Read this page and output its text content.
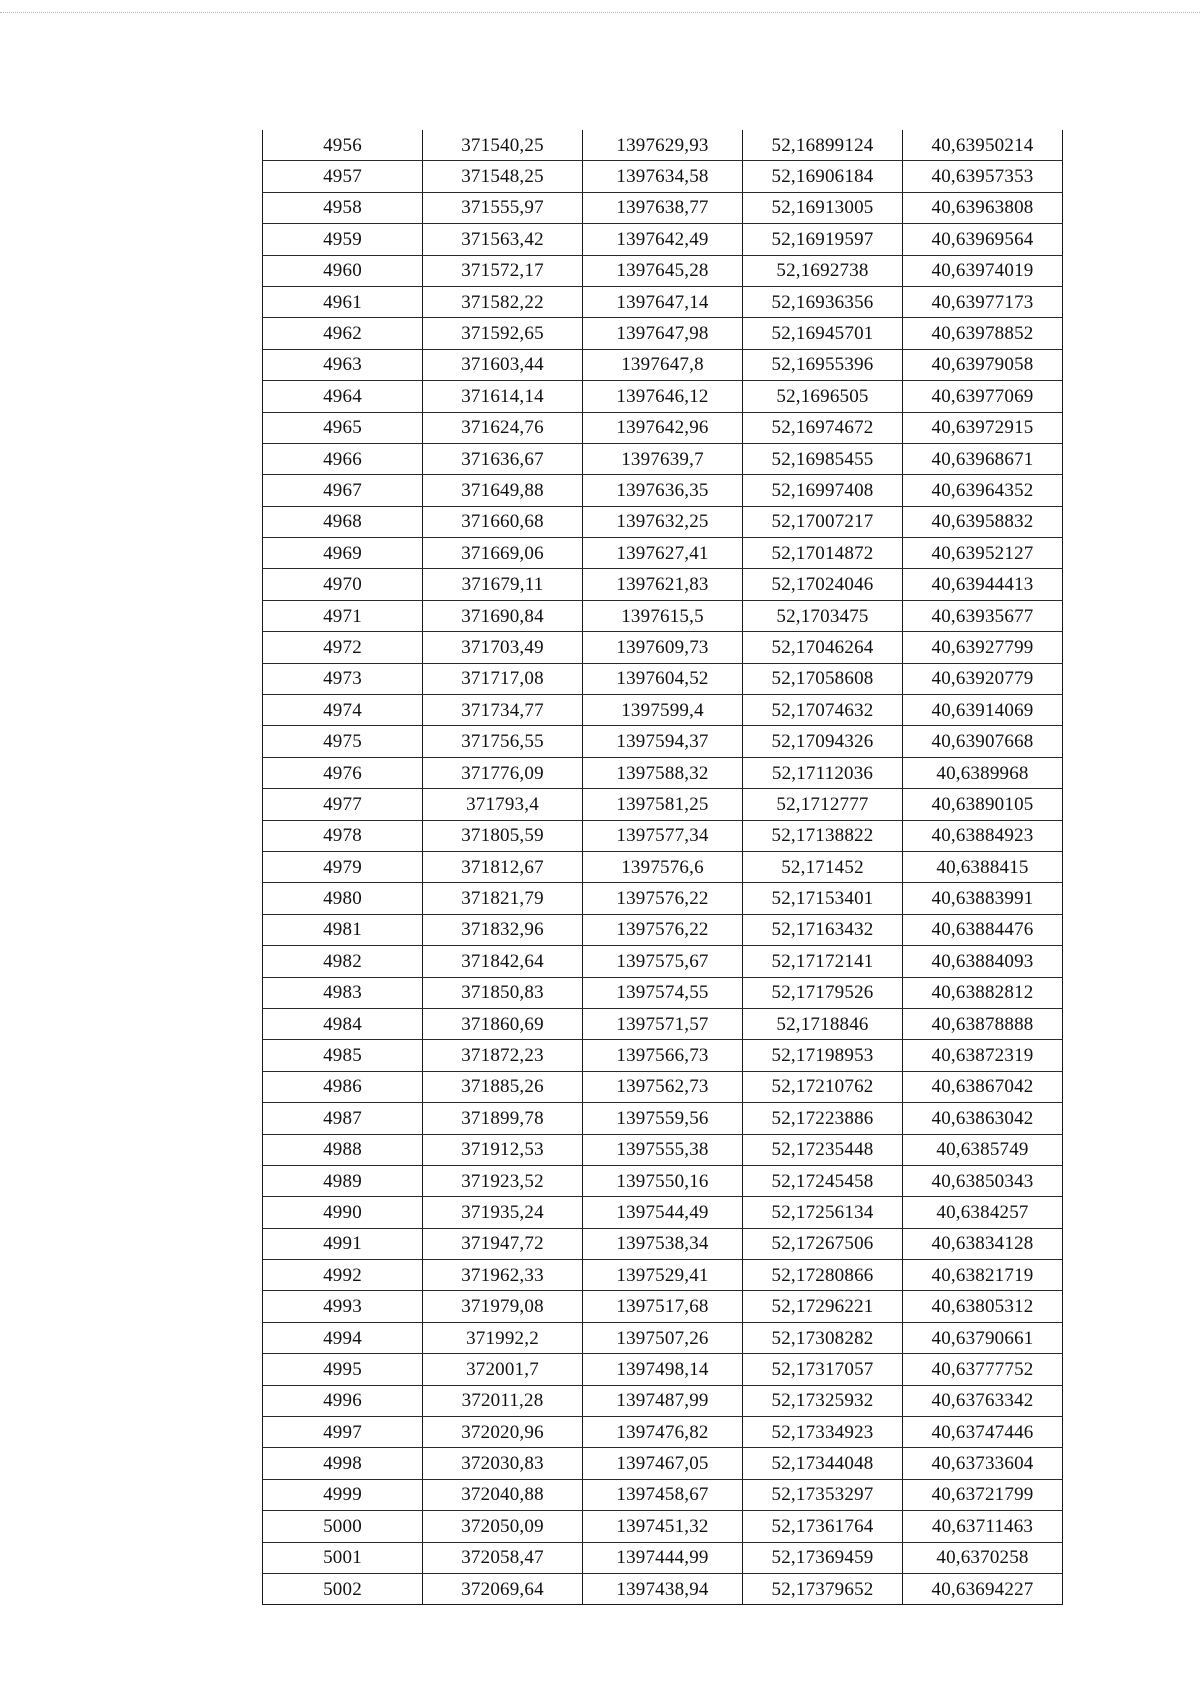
4956	371540,25	1397629,93	52,16899124	40,63950214
4957	371548,25	1397634,58	52,16906184	40,63957353
4958	371555,97	1397638,77	52,16913005	40,63963808
4959	371563,42	1397642,49	52,16919597	40,63969564
4960	371572,17	1397645,28	52,1692738	40,63974019
4961	371582,22	1397647,14	52,16936356	40,63977173
4962	371592,65	1397647,98	52,16945701	40,63978852
4963	371603,44	1397647,8	52,16955396	40,63979058
4964	371614,14	1397646,12	52,1696505	40,63977069
4965	371624,76	1397642,96	52,16974672	40,63972915
4966	371636,67	1397639,7	52,16985455	40,63968671
4967	371649,88	1397636,35	52,16997408	40,63964352
4968	371660,68	1397632,25	52,17007217	40,63958832
4969	371669,06	1397627,41	52,17014872	40,63952127
4970	371679,11	1397621,83	52,17024046	40,63944413
4971	371690,84	1397615,5	52,1703475	40,63935677
4972	371703,49	1397609,73	52,17046264	40,63927799
4973	371717,08	1397604,52	52,17058608	40,63920779
4974	371734,77	1397599,4	52,17074632	40,63914069
4975	371756,55	1397594,37	52,17094326	40,63907668
4976	371776,09	1397588,32	52,17112036	40,6389968
4977	371793,4	1397581,25	52,1712777	40,63890105
4978	371805,59	1397577,34	52,17138822	40,63884923
4979	371812,67	1397576,6	52,171452	40,6388415
4980	371821,79	1397576,22	52,17153401	40,63883991
4981	371832,96	1397576,22	52,17163432	40,63884476
4982	371842,64	1397575,67	52,17172141	40,63884093
4983	371850,83	1397574,55	52,17179526	40,63882812
4984	371860,69	1397571,57	52,1718846	40,63878888
4985	371872,23	1397566,73	52,17198953	40,63872319
4986	371885,26	1397562,73	52,17210762	40,63867042
4987	371899,78	1397559,56	52,17223886	40,63863042
4988	371912,53	1397555,38	52,17235448	40,6385749
4989	371923,52	1397550,16	52,17245458	40,63850343
4990	371935,24	1397544,49	52,17256134	40,6384257
4991	371947,72	1397538,34	52,17267506	40,63834128
4992	371962,33	1397529,41	52,17280866	40,63821719
4993	371979,08	1397517,68	52,17296221	40,63805312
4994	371992,2	1397507,26	52,17308282	40,63790661
4995	372001,7	1397498,14	52,17317057	40,63777752
4996	372011,28	1397487,99	52,17325932	40,63763342
4997	372020,96	1397476,82	52,17334923	40,63747446
4998	372030,83	1397467,05	52,17344048	40,63733604
4999	372040,88	1397458,67	52,17353297	40,63721799
5000	372050,09	1397451,32	52,17361764	40,63711463
5001	372058,47	1397444,99	52,17369459	40,6370258
5002	372069,64	1397438,94	52,17379652	40,63694227
